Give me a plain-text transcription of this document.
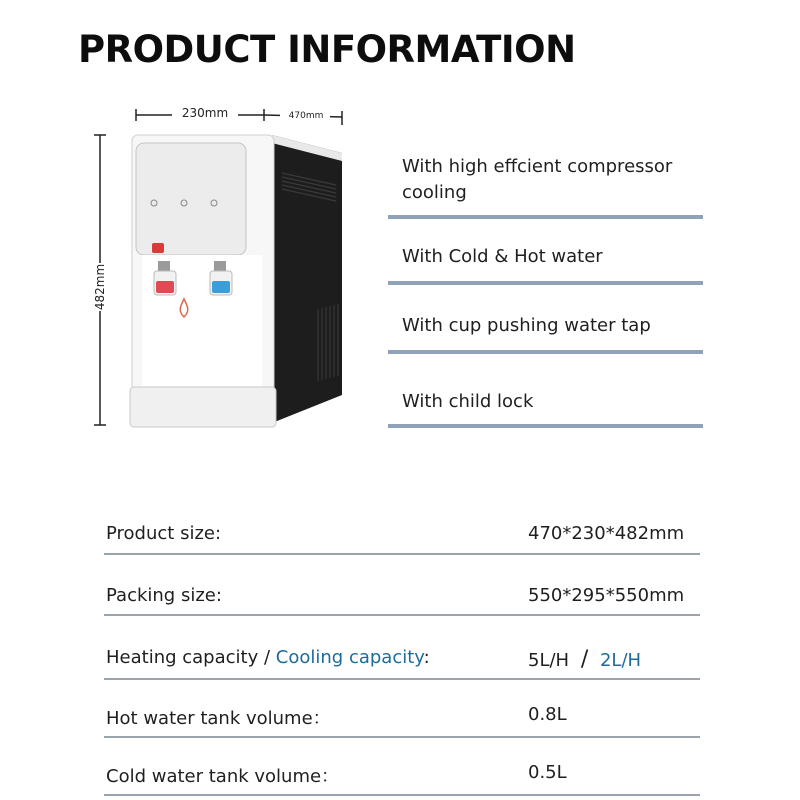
PRODUCT INFORMATION
230mm	470mm
482mm
With high effcient compressor
cooling
With Cold & Hot water
With cup pushing water tap
With child lock
Product size:	470*230*482mm
Packing size:	550*295*550mm
Heating capacity / Cooling capacity:	5L/H / 2L/H
Hot water tank volume：	0.8L
Cold water tank volume：	0.5L
